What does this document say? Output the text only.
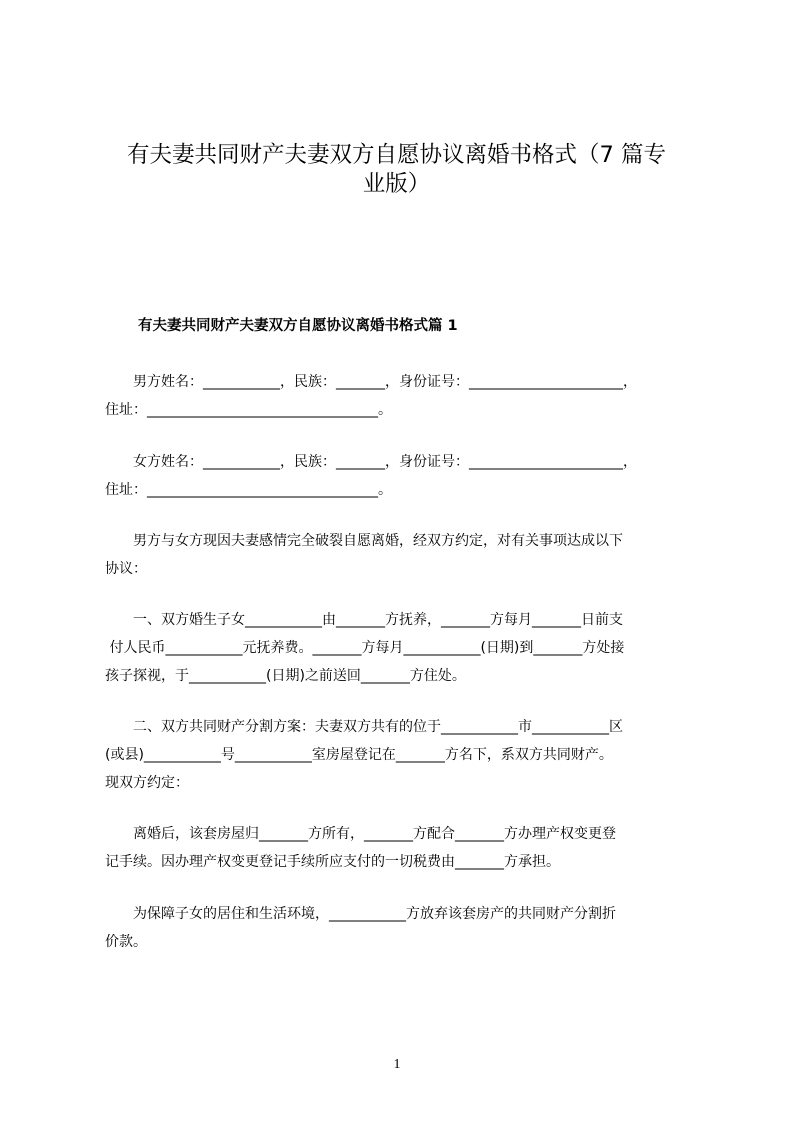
有夫妻共同财产夫妻双方自愿协议离婚书格式（7 篇专
业版）
有夫妻共同财产夫妻双方自愿协议离婚书格式篇 1
　　男方姓名：___________，民族：_______，身份证号：______________________，
住址：_________________________________。
　　女方姓名：___________，民族：_______，身份证号：______________________，
住址：_________________________________。
　　男方与女方现因夫妻感情完全破裂自愿离婚，经双方约定，对有关事项达成以下
协议：
　　一、双方婚生子女___________由_______方抚养，_______方每月_______日前支
付人民币___________元抚养费。_______方每月___________(日期)到_______方处接
孩子探视，于___________(日期)之前送回_______方住处。
　　二、双方共同财产分割方案：夫妻双方共有的位于___________市___________区
(或县)___________号___________室房屋登记在_______方名下，系双方共同财产。
现双方约定：
　　离婚后，该套房屋归_______方所有，_______方配合_______方办理产权变更登
记手续。因办理产权变更登记手续所应支付的一切税费由_______方承担。
　　为保障子女的居住和生活环境，___________方放弃该套房产的共同财产分割折
价款。
1
